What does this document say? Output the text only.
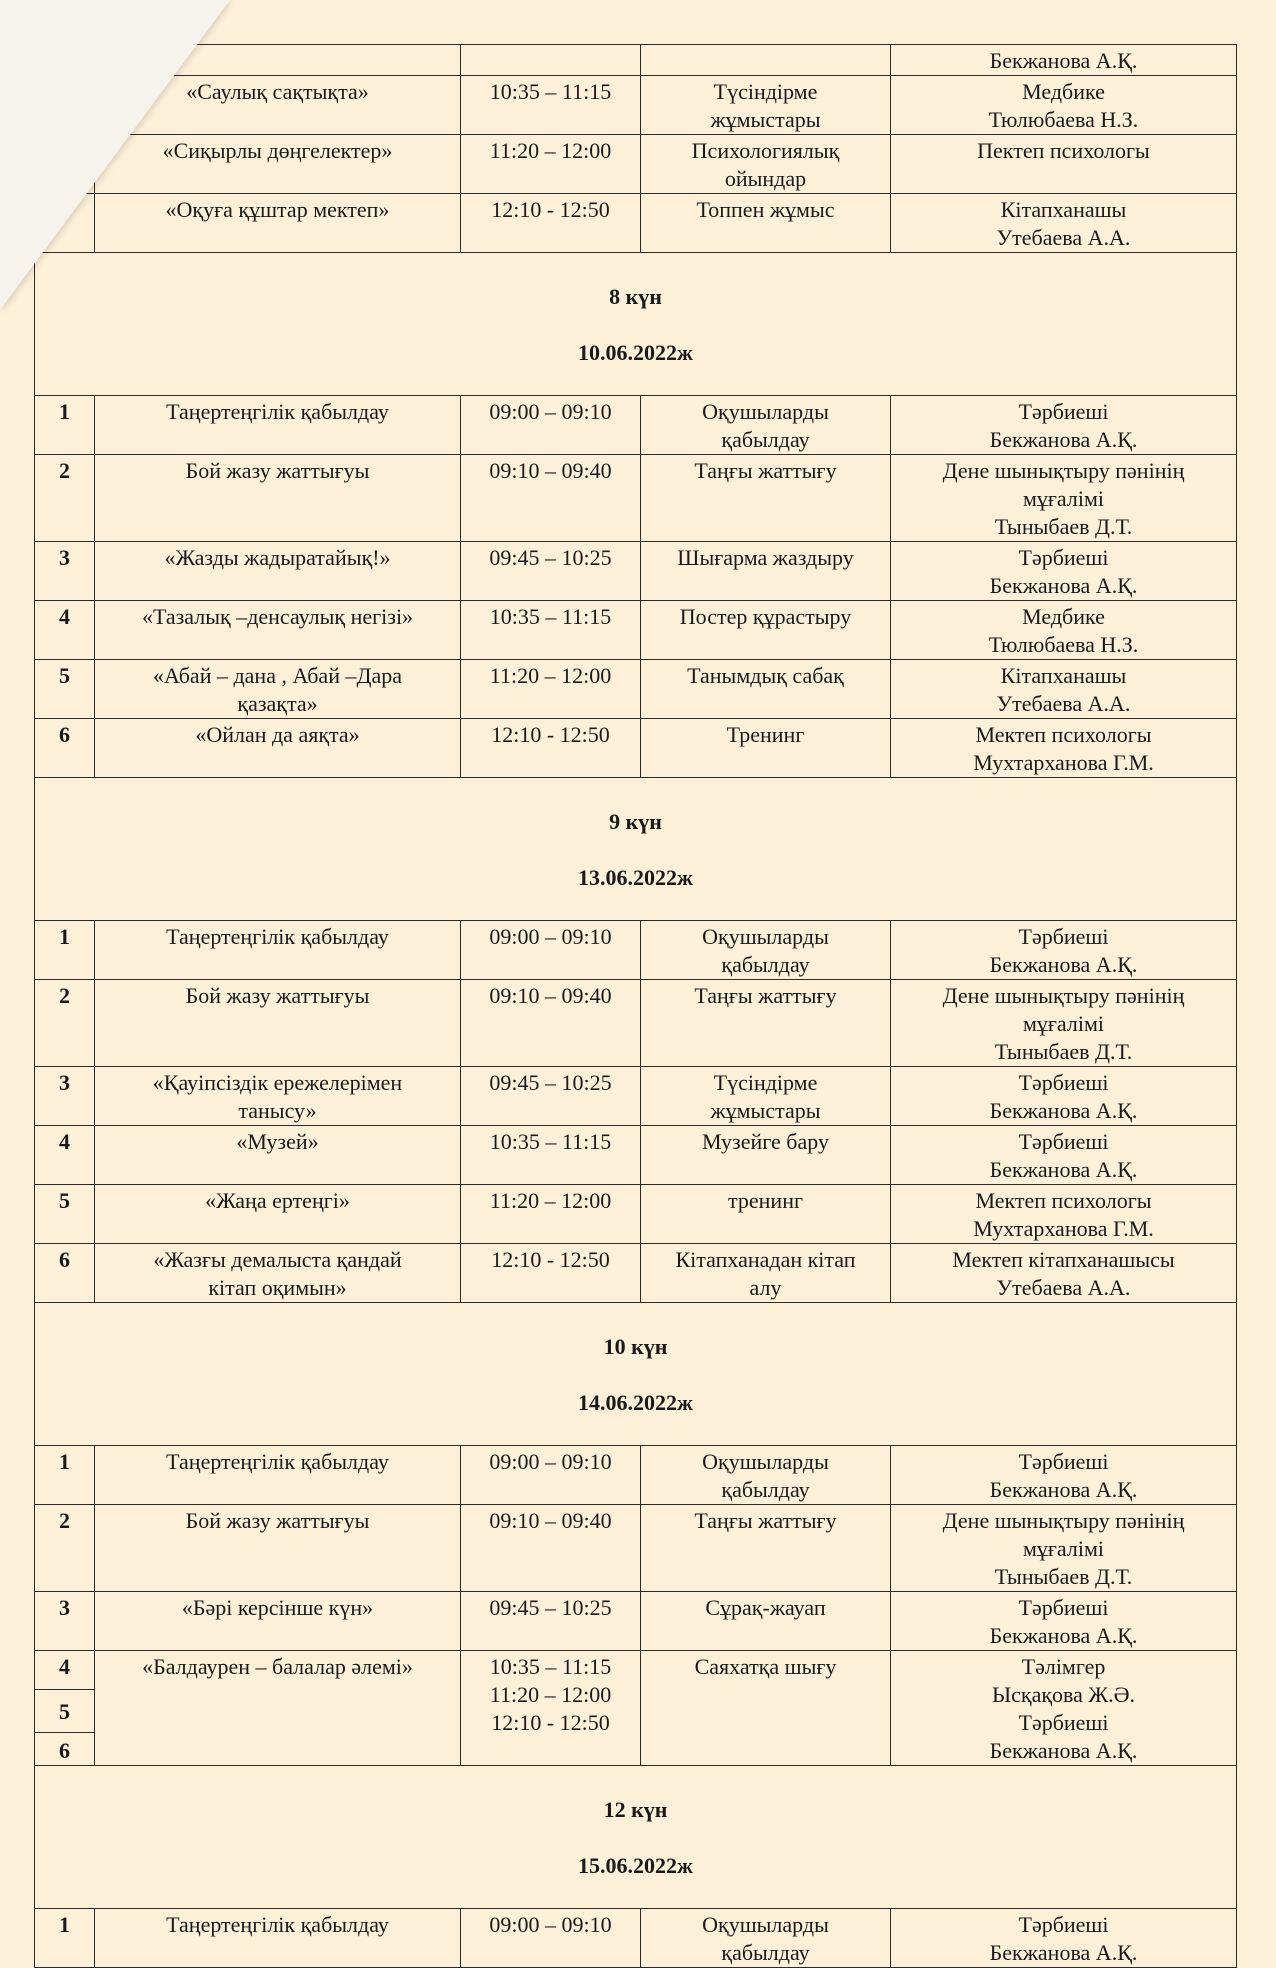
				Бекжанова А.Қ.
	«Саулық сақтықта»	10:35 – 11:15	Түсіндірме
жұмыстары	Медбике
Тюлюбаева Н.З.
	«Сиқырлы дөңгелектер»	11:20 – 12:00	Психологиялық
ойындар	Пектеп психологы
	«Оқуға құштар мектеп»	12:10 - 12:50	Топпен жұмыс	Кітапханашы
Утебаева А.А.

8 күн

10.06.2022ж				

1	Таңертеңгілік қабылдау	09:00 – 09:10	Оқушыларды
қабылдау	Тәрбиеші
Бекжанова А.Қ.
2	Бой жазу жаттығуы	09:10 – 09:40	Таңғы жаттығу	Дене шынықтыру пәнінің
мұғалімі
Тыныбаев Д.Т.
3	«Жазды жадыратайық!»	09:45 – 10:25	Шығарма жаздыру	Тәрбиеші
Бекжанова А.Қ.
4	«Тазалық –денсаулық негізі»	10:35 – 11:15	Постер құрастыру	Медбике
Тюлюбаева Н.З.
5	«Абай – дана , Абай –Дара
қазақта»	11:20 – 12:00	Танымдық сабақ	Кітапханашы
Утебаева А.А.
6	«Ойлан да аяқта»	12:10 - 12:50	Тренинг	Мектеп психологы
Мухтарханова Г.М.

9 күн

13.06.2022ж				

1	Таңертеңгілік қабылдау	09:00 – 09:10	Оқушыларды
қабылдау	Тәрбиеші
Бекжанова А.Қ.
2	Бой жазу жаттығуы	09:10 – 09:40	Таңғы жаттығу	Дене шынықтыру пәнінің
мұғалімі
Тыныбаев Д.Т.
3	«Қауіпсіздік ережелерімен
танысу»	09:45 – 10:25	Түсіндірме
жұмыстары	Тәрбиеші
Бекжанова А.Қ.
4	«Музей»	10:35 – 11:15	Музейге бару	Тәрбиеші
Бекжанова А.Қ.
5	«Жаңа ертеңгі»	11:20 – 12:00	тренинг	Мектеп психологы
Мухтарханова Г.М.
6	«Жазғы демалыста қандай
кітап оқимын»	12:10 - 12:50	Кітапханадан кітап
алу	Мектеп кітапханашысы
Утебаева А.А.

10 күн

14.06.2022ж				

1	Таңертеңгілік қабылдау	09:00 – 09:10	Оқушыларды
қабылдау	Тәрбиеші
Бекжанова А.Қ.
2	Бой жазу жаттығуы	09:10 – 09:40	Таңғы жаттығу	Дене шынықтыру пәнінің
мұғалімі
Тыныбаев Д.Т.
3	«Бәрі керсінше күн»	09:45 – 10:25	Сұрақ-жауап	Тәрбиеші
Бекжанова А.Қ.
4	«Балдаурен – балалар әлемі»	10:35 – 11:15
11:20 – 12:00
12:10 - 12:50	Саяхатқа шығу	Тәлімгер
Ысқақова Ж.Ә.
Тәрбиеші
Бекжанова А.Қ.
5				
6				

12 күн

15.06.2022ж				

1	Таңертеңгілік қабылдау	09:00 – 09:10	Оқушыларды
қабылдау	Тәрбиеші
Бекжанова А.Қ.
